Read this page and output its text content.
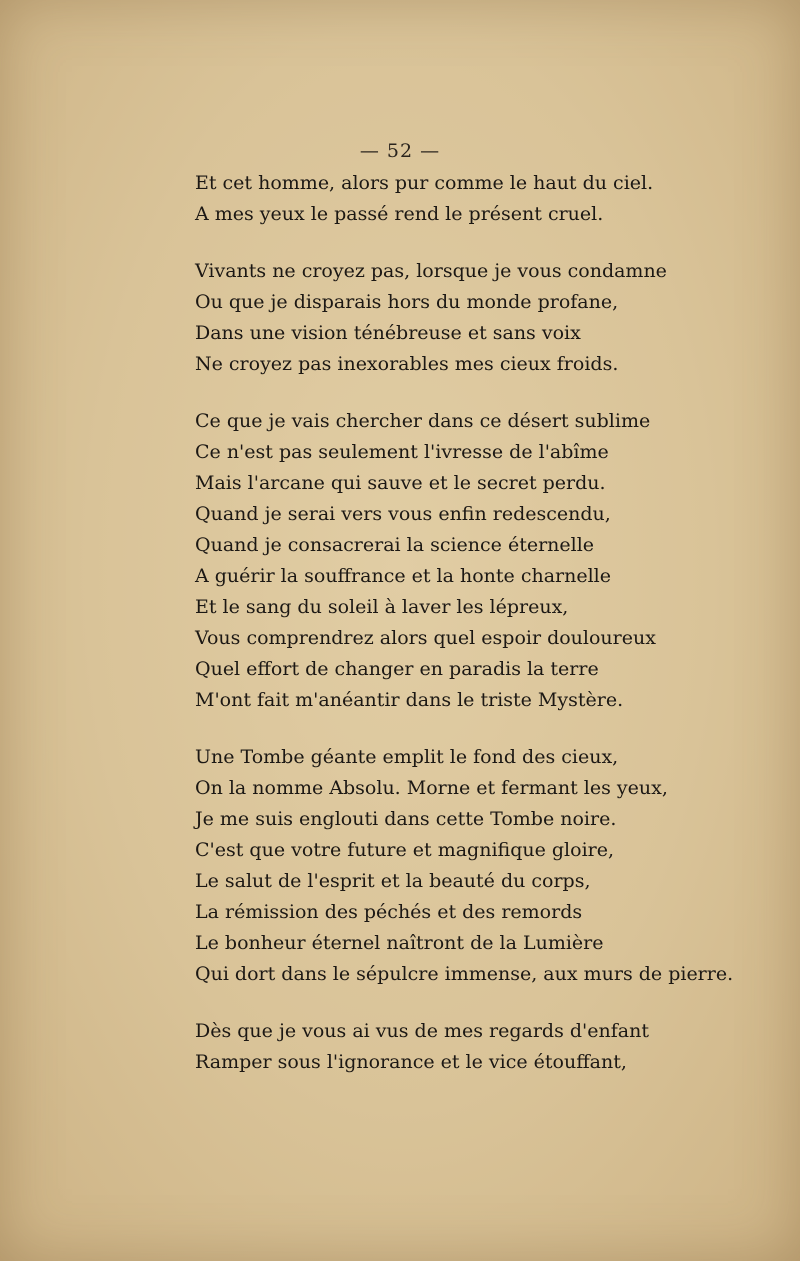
— 52 —
Et cet homme, alors pur comme le haut du ciel.
A mes yeux le passé rend le présent cruel.
Vivants ne croyez pas, lorsque je vous condamne
Ou que je disparais hors du monde profane,
Dans une vision ténébreuse et sans voix
Ne croyez pas inexorables mes cieux froids.
Ce que je vais chercher dans ce désert sublime
Ce n'est pas seulement l'ivresse de l'abîme
Mais l'arcane qui sauve et le secret perdu.
Quand je serai vers vous enfin redescendu,
Quand je consacrerai la science éternelle
A guérir la souffrance et la honte charnelle
Et le sang du soleil à laver les lépreux,
Vous comprendrez alors quel espoir douloureux
Quel effort de changer en paradis la terre
M'ont fait m'anéantir dans le triste Mystère.
Une Tombe géante emplit le fond des cieux,
On la nomme Absolu. Morne et fermant les yeux,
Je me suis englouti dans cette Tombe noire.
C'est que votre future et magnifique gloire,
Le salut de l'esprit et la beauté du corps,
La rémission des péchés et des remords
Le bonheur éternel naîtront de la Lumière
Qui dort dans le sépulcre immense, aux murs de pierre.
Dès que je vous ai vus de mes regards d'enfant
Ramper sous l'ignorance et le vice étouffant,
